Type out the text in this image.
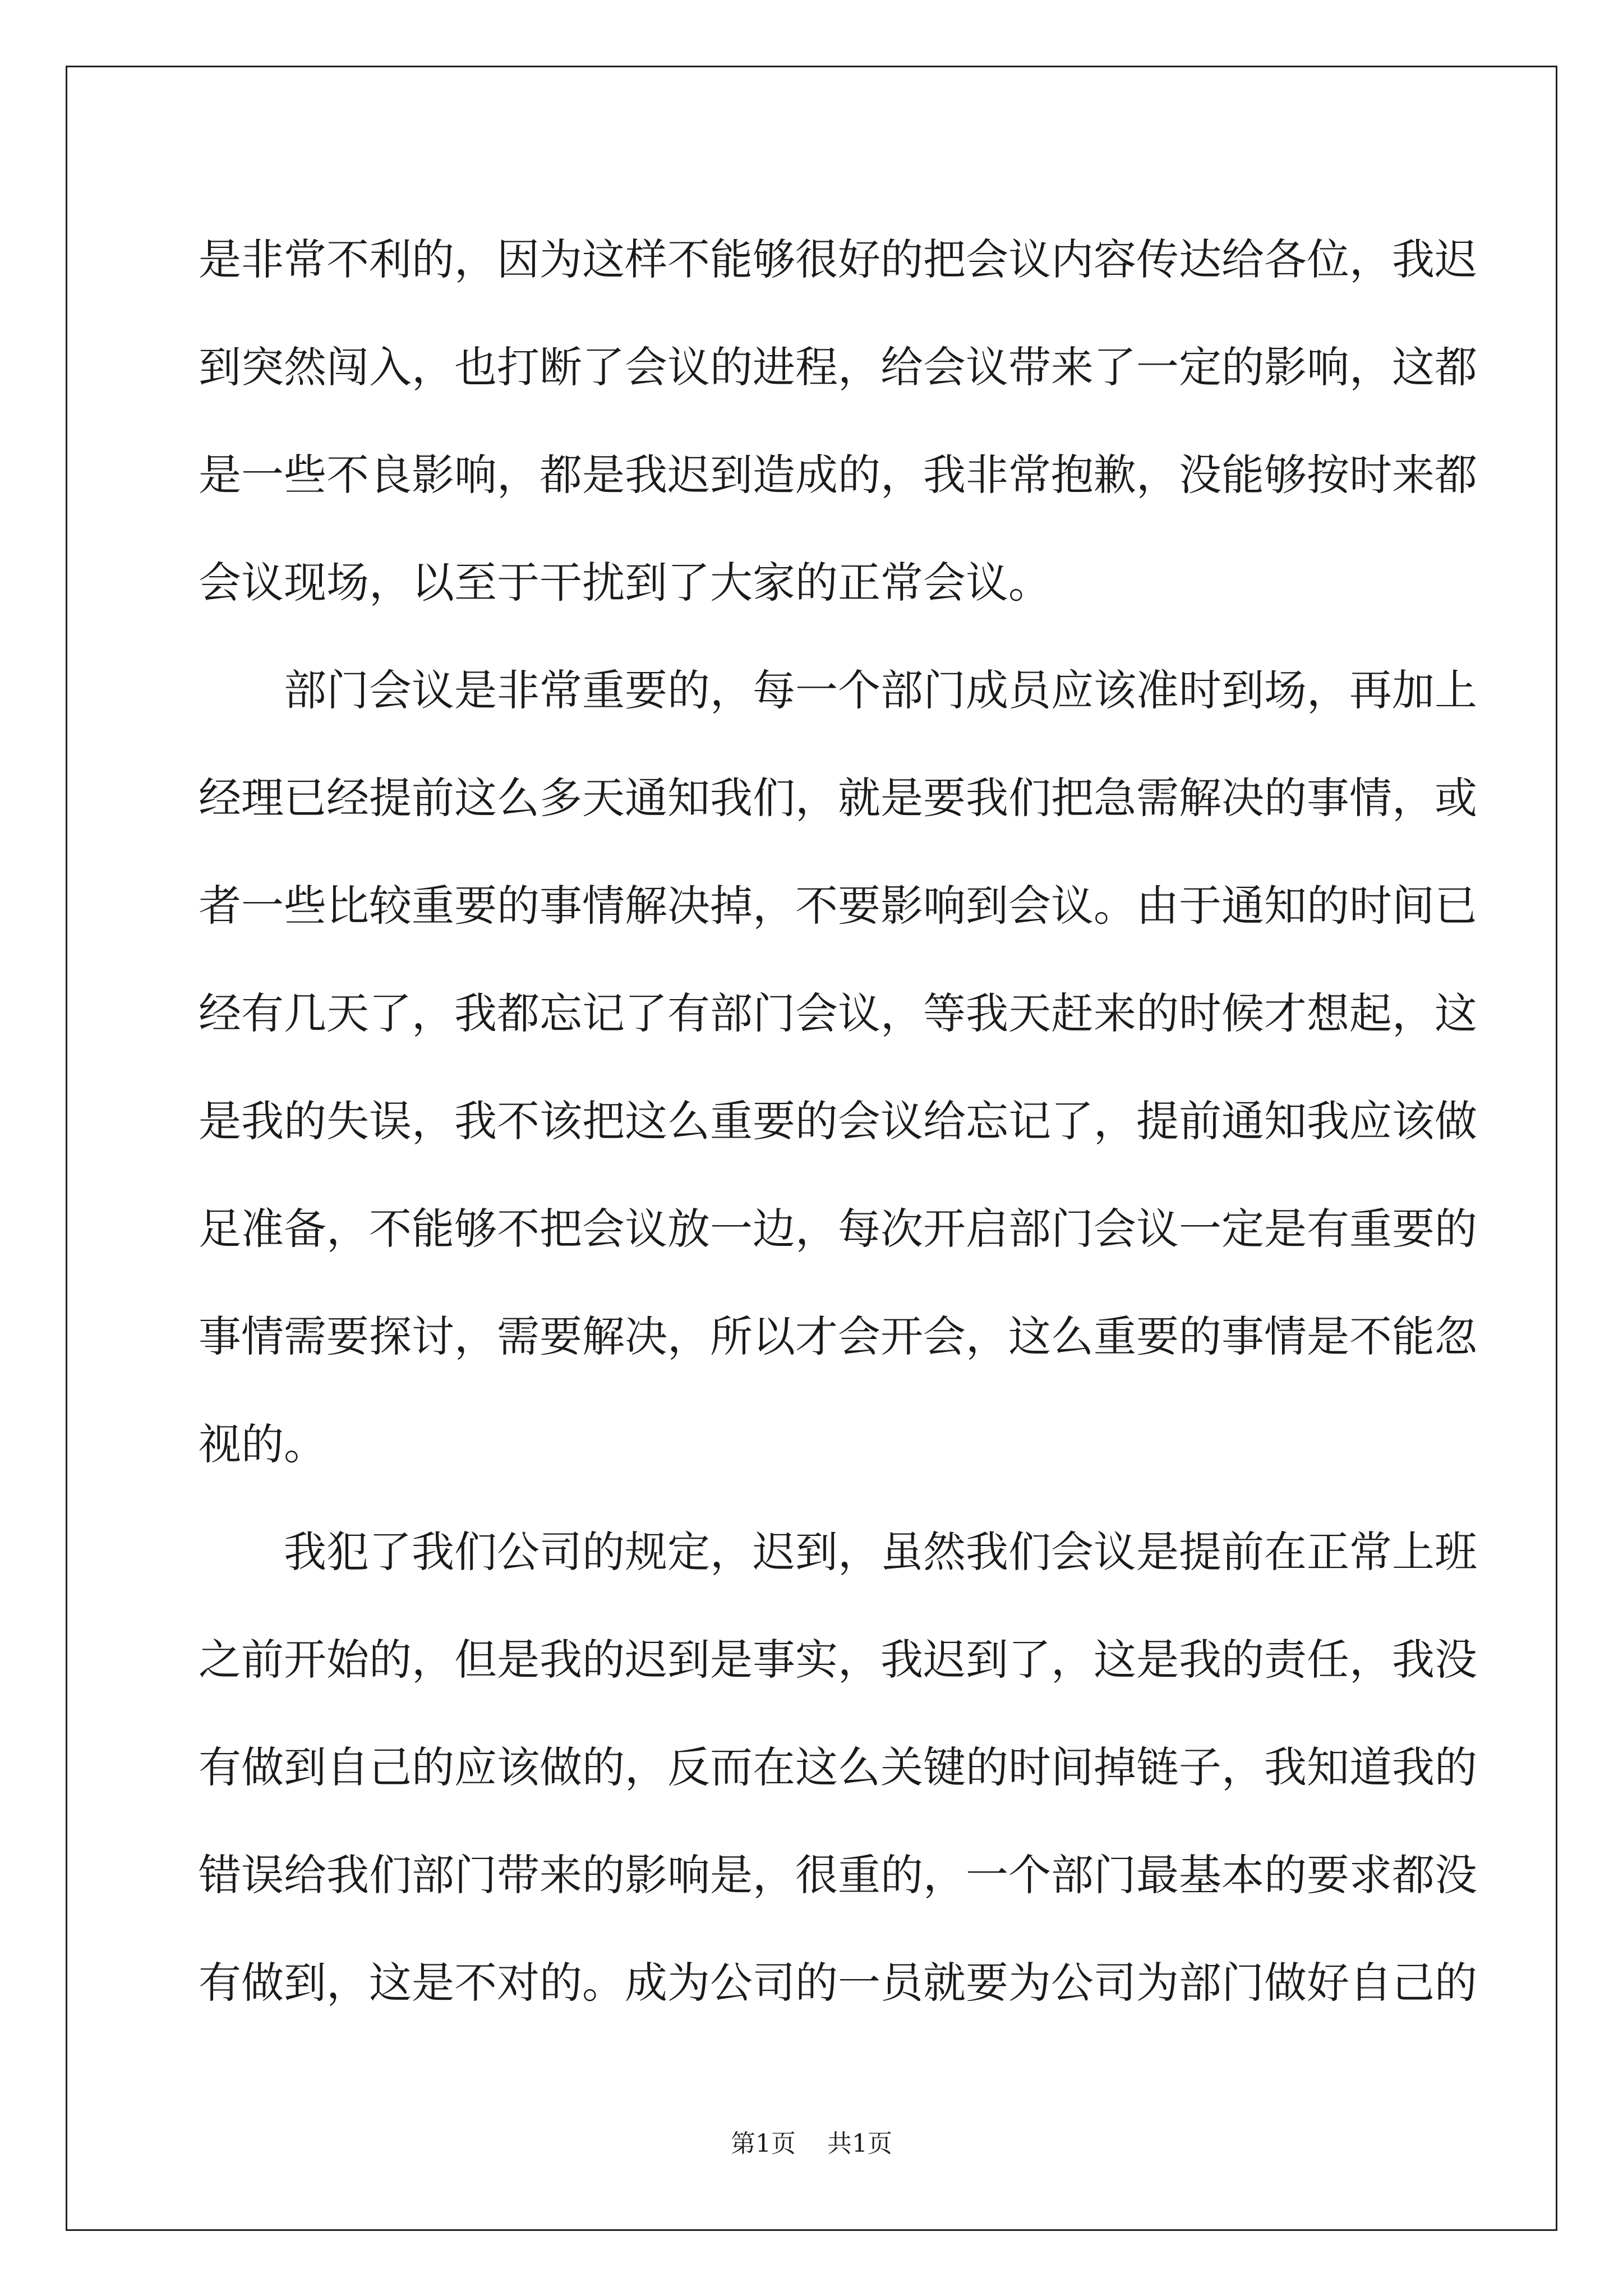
是非常不利的，因为这样不能够很好的把会议内容传达给各位，我迟
到突然闯入，也打断了会议的进程，给会议带来了一定的影响，这都
是一些不良影响，都是我迟到造成的，我非常抱歉，没能够按时来都
会议现场，以至于干扰到了大家的正常会议。
部门会议是非常重要的，每一个部门成员应该准时到场，再加上
经理已经提前这么多天通知我们，就是要我们把急需解决的事情，或
者一些比较重要的事情解决掉，不要影响到会议。由于通知的时间已
经有几天了，我都忘记了有部门会议，等我天赶来的时候才想起，这
是我的失误，我不该把这么重要的会议给忘记了，提前通知我应该做
足准备，不能够不把会议放一边，每次开启部门会议一定是有重要的
事情需要探讨，需要解决，所以才会开会，这么重要的事情是不能忽
视的。
我犯了我们公司的规定，迟到，虽然我们会议是提前在正常上班
之前开始的，但是我的迟到是事实，我迟到了，这是我的责任，我没
有做到自己的应该做的，反而在这么关键的时间掉链子，我知道我的
错误给我们部门带来的影响是，很重的，一个部门最基本的要求都没
有做到，这是不对的。成为公司的一员就要为公司为部门做好自己的
第1页 共1页
